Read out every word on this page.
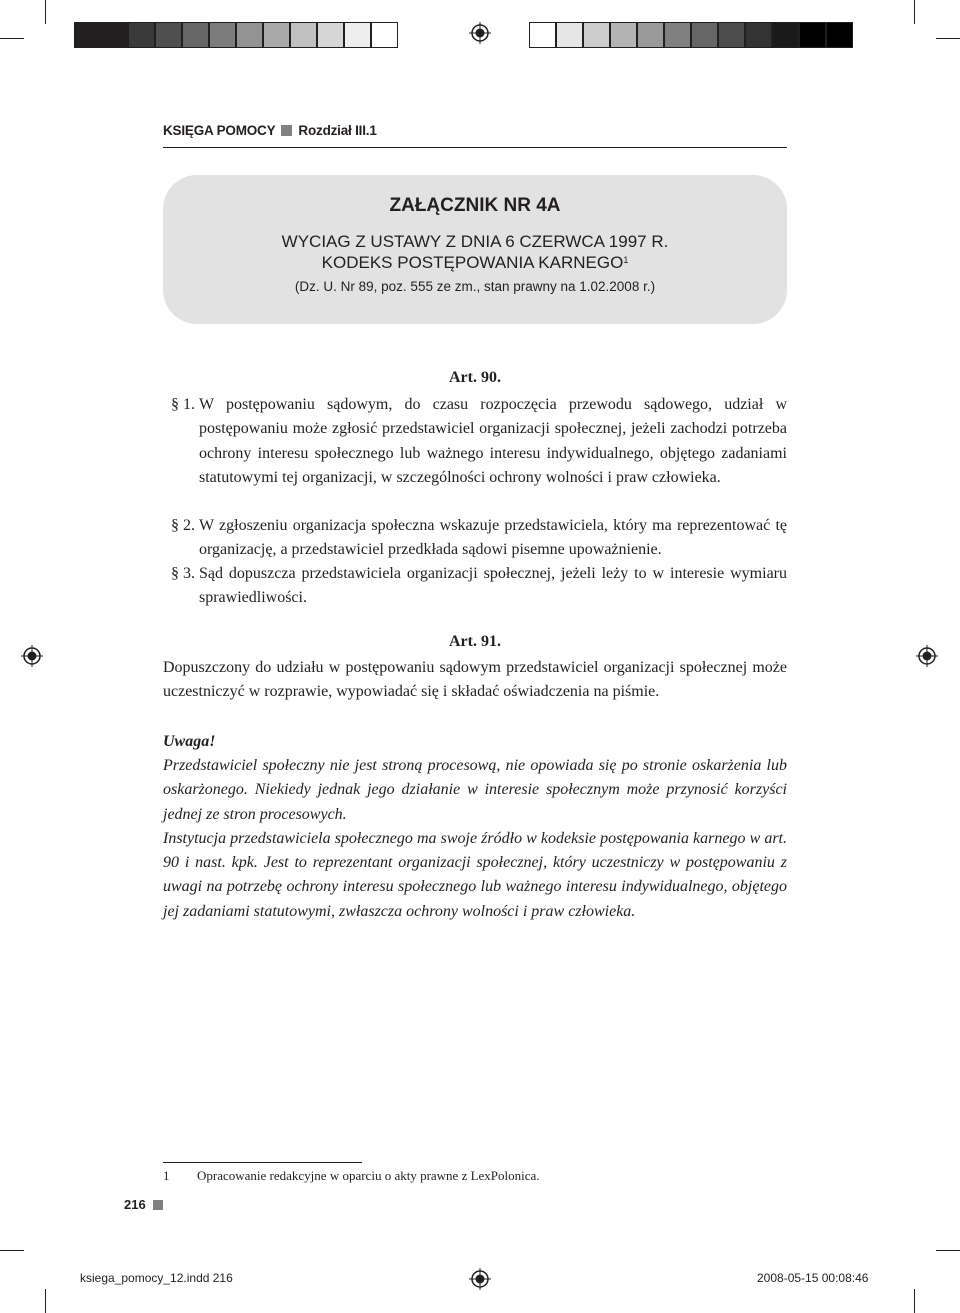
KSIĘGA POMOCY Rozdział III.1
ZAŁĄCZNIK NR 4A
WYCIAG Z USTAWY Z DNIA 6 CZERWCA 1997 R.
KODEKS POSTĘPOWANIA KARNEGO$^1$
(Dz. U. Nr 89, poz. 555 ze zm., stan prawny na 1.02.2008 r.)
Art. 90.
§ 1. W postępowaniu sądowym, do czasu rozpoczęcia przewodu sądowego, udział w postępowaniu może zgłosić przedstawiciel organizacji społecznej, jeżeli zachodzi potrzeba ochrony interesu społecznego lub ważnego interesu indywidualnego, objętego zadaniami statutowymi tej organizacji, w szczególności ochrony wolności i praw człowieka.

§ 2. W zgłoszeniu organizacja społeczna wskazuje przedstawiciela, który ma reprezentować tę organizację, a przedstawiciel przedkłada sądowi pisemne upoważnienie.

§ 3. Sąd dopuszcza przedstawiciela organizacji społecznej, jeżeli leży to w interesie wymiaru sprawiedliwości.

Art. 91.

Dopuszczony do udziału w postępowaniu sądowym przedstawiciel organizacji społecznej może uczestniczyć w rozprawie, wypowiadać się i składać oświadczenia na piśmie.

Uwaga!

Przedstawiciel społeczny nie jest stroną procesową, nie opowiada się po stronie oskarżenia lub oskarżonego. Niekiedy jednak jego działanie w interesie społecznym może przynosić korzyści jednej ze stron procesowych.

Instytucja przedstawiciela społecznego ma swoje źródło w kodeksie postępowania karnego w art. 90 i nast. kpk. Jest to reprezentant organizacji społecznej, który uczestniczy w postępowaniu z uwagi na potrzebę ochrony interesu społecznego lub ważnego interesu indywidualnego, objętego jej zadaniami statutowymi, zwłaszcza ochrony wolności i praw człowieka.

1	Opracowanie redakcyjne w oparciu o akty prawne z LexPolonica.
216
ksiega_pomocy_12.indd 216	2008-05-15 00:08:46
